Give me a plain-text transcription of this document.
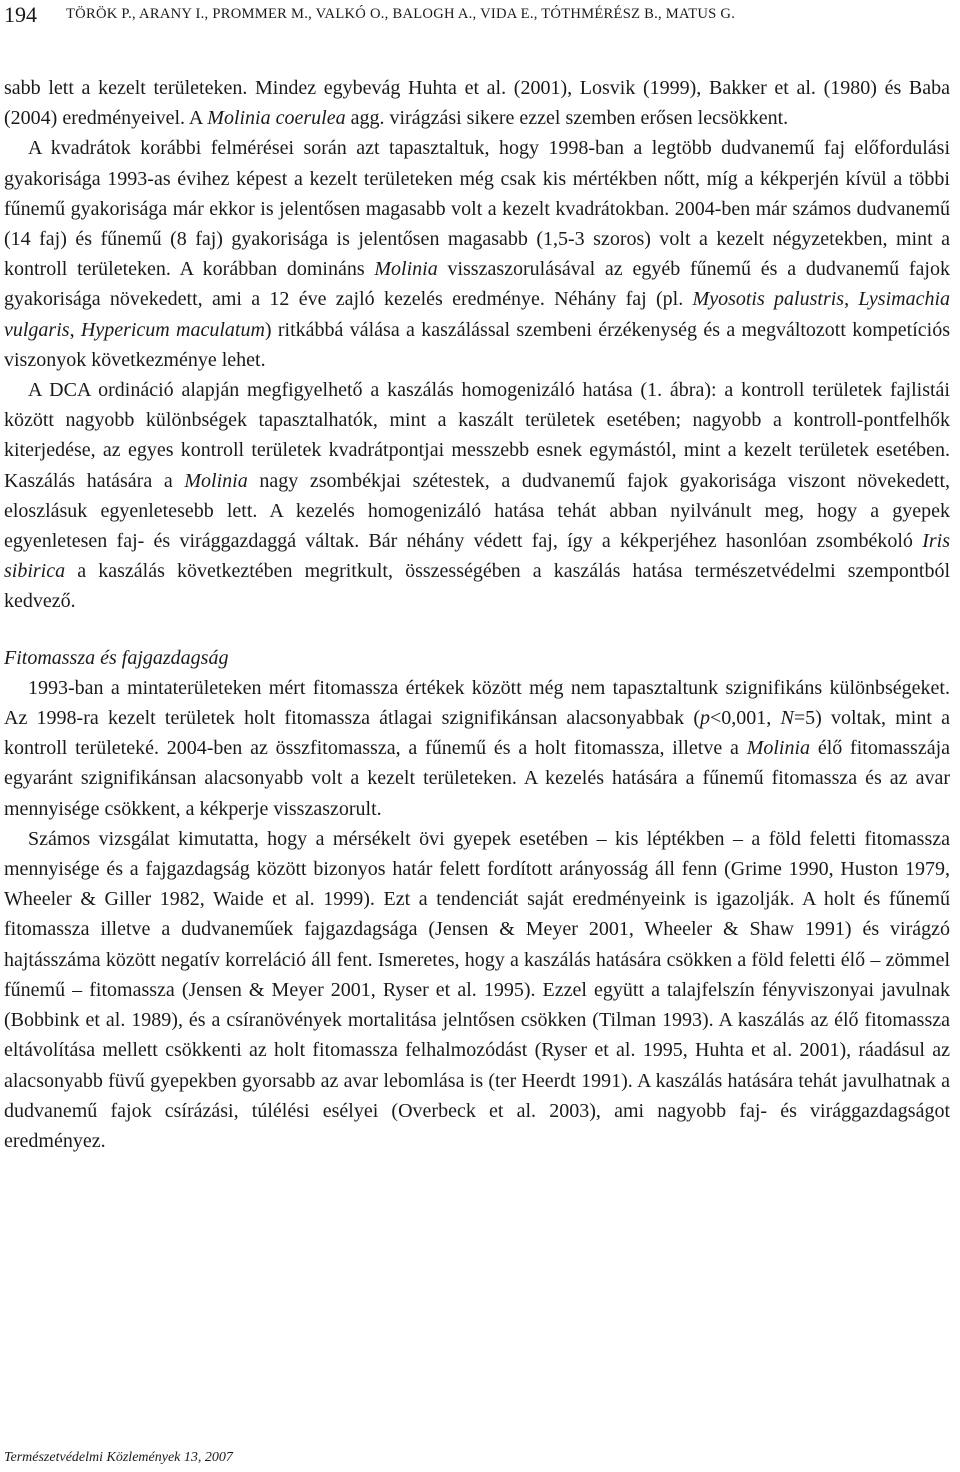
194 TÖRÖK P., ARANY I., PROMMER M., VALKÓ O., BALOGH A., VIDA E., TÓTHMÉRÉSZ B., MATUS G.

sabb lett a kezelt területeken. Mindez egybevág Huhta et al. (2001), Losvik (1999), Bakker et al. (1980) és Baba (2004) eredményeivel. A Molinia coerulea agg. virágzási sikere ezzel szemben erősen lecsökkent.

A kvadrátok korábbi felmérései során azt tapasztaltuk, hogy 1998-ban a legtöbb dudvanemű faj előfordulási gyakorisága 1993-as évihez képest a kezelt területeken még csak kis mértékben nőtt, míg a kékperjén kívül a többi fűnemű gyakorisága már ekkor is jelentősen magasabb volt a kezelt kvadrátokban. 2004-ben már számos dudvanemű (14 faj) és fűnemű (8 faj) gyakorisága is jelentősen magasabb (1,5-3 szoros) volt a kezelt négyzetekben, mint a kontroll területeken. A korábban domináns Molinia visszaszorulásával az egyéb fűnemű és a dudvanemű fajok gyakorisága növekedett, ami a 12 éve zajló kezelés eredménye. Néhány faj (pl. Myosotis palustris, Lysimachia vulgaris, Hypericum maculatum) ritkábbá válása a kaszálással szembeni érzékenység és a megváltozott kompetíciós viszonyok következménye lehet.

A DCA ordináció alapján megfigyelhető a kaszálás homogenizáló hatása (1. ábra): a kontroll területek fajlistái között nagyobb különbségek tapasztalhatók, mint a kaszált területek esetében; nagyobb a kontroll-pontfelhők kiterjedése, az egyes kontroll területek kvadrátpontjai messzebb esnek egymástól, mint a kezelt területek esetében. Kaszálás hatására a Molinia nagy zsombékjai szétestek, a dudvanemű fajok gyakorisága viszont növekedett, eloszlásuk egyenletesebb lett. A kezelés homogenizáló hatása tehát abban nyilvánult meg, hogy a gyepek egyenletesen faj- és virággazdaggá váltak. Bár néhány védett faj, így a kékperjéhez hasonlóan zsombékoló Iris sibirica a kaszálás következtében megritkult, összességében a kaszálás hatása természetvédelmi szempontból kedvező.

Fitomassza és fajgazdagság

1993-ban a mintaterületeken mért fitomassza értékek között még nem tapasztaltunk szignifikáns különbségeket. Az 1998-ra kezelt területek holt fitomassza átlagai szignifikánsan alacsonyabbak (p<0,001, N=5) voltak, mint a kontroll területeké. 2004-ben az összfitomassza, a fűnemű és a holt fitomassza, illetve a Molinia élő fitomasszája egyaránt szignifikánsan alacsonyabb volt a kezelt területeken. A kezelés hatására a fűnemű fitomassza és az avar mennyisége csökkent, a kékperje visszaszorult.

Számos vizsgálat kimutatta, hogy a mérsékelt övi gyepek esetében – kis léptékben – a föld feletti fitomassza mennyisége és a fajgazdagság között bizonyos határ felett fordított arányosság áll fenn (Grime 1990, Huston 1979, Wheeler & Giller 1982, Waide et al. 1999). Ezt a tendenciát saját eredményeink is igazolják. A holt és fűnemű fitomassza illetve a dudvaneműek fajgazdagsága (Jensen & Meyer 2001, Wheeler & Shaw 1991) és virágzó hajtásszáma között negatív korreláció áll fent. Ismeretes, hogy a kaszálás hatására csökken a föld feletti élő – zömmel fűnemű – fitomassza (Jensen & Meyer 2001, Ryser et al. 1995). Ezzel együtt a talajfelszín fényviszonyai javulnak (Bobbink et al. 1989), és a csíranövények mortalitása jelntősen csökken (Tilman 1993). A kaszálás az élő fitomassza eltávolítása mellett csökkenti az holt fitomassza felhalmozódást (Ryser et al. 1995, Huhta et al. 2001), ráadásul az alacsonyabb füvű gyepekben gyorsabb az avar lebomlása is (ter Heerdt 1991). A kaszálás hatására tehát javulhatnak a dudvanemű fajok csírázási, túlélési esélyei (Overbeck et al. 2003), ami nagyobb faj- és virággazdagságot eredményez.

Természetvédelmi Közlemények 13, 2007
